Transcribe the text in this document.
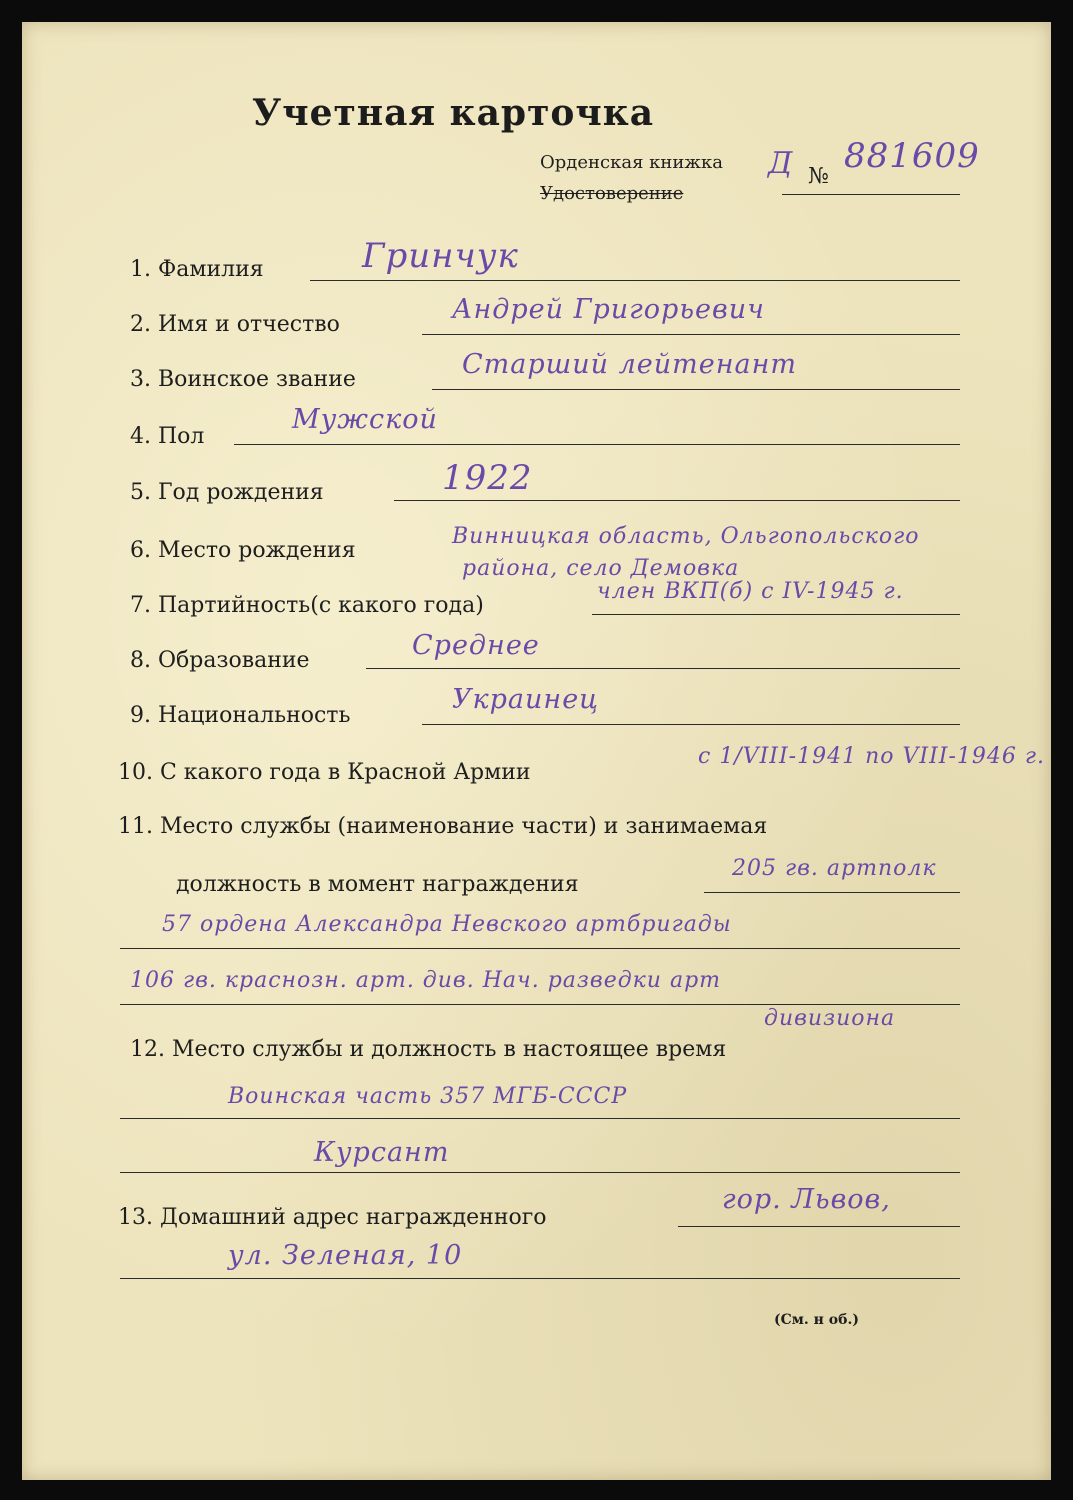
Учетная карточка
Орденская книжка
Удостоверение
Д №
881609
1. Фамилия	Гринчук
2. Имя и отчество	Андрей Григорьевич
3. Воинское звание	Старший лейтенант
4. Пол
Мужской
5. Год рождения	1922
6. Место рождения
Винницкая область, Ольгопольского
района, село Демовка
7. Партийность(с какого года)
член ВКП(б) с IV-1945 г.
8. Образование	Среднее
9. Национальность
Украинец
10. С какого года в Красной Армии
с 1/VIII-1941 по VIII-1946 г.
11. Место службы (наименование части) и занимаемая
должность в момент награждения
205 гв. артполк
57 ордена Александра Невского артбригады
106 гв. краснозн. арт. див. Нач. разведки арт
дивизиона
12. Место службы и должность в настоящее время
Воинская часть 357 МГБ-СССР
Курсант
13. Домашний адрес награжденного
гор. Львов,
ул. Зеленая, 10
(См. н об.)
